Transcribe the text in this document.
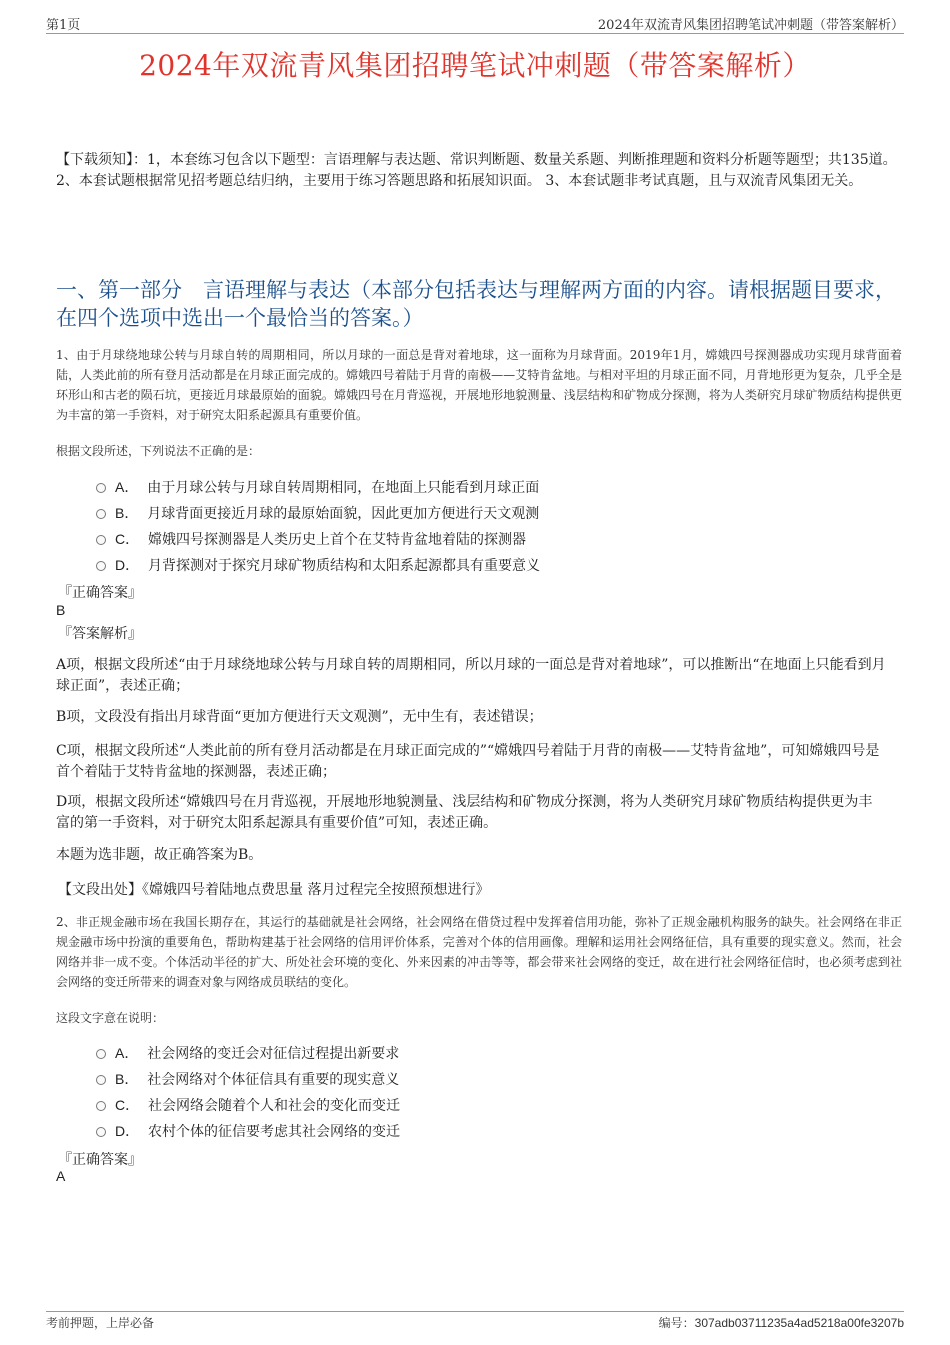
第1页	2024年双流青风集团招聘笔试冲刺题（带答案解析）
2024年双流青风集团招聘笔试冲刺题（带答案解析）
【下载须知】：1，本套练习包含以下题型：言语理解与表达题、常识判断题、数量关系题、判断推理题和资料分析题等题型；共135道。 2、本套试题根据常见招考题总结归纳，主要用于练习答题思路和拓展知识面。 3、本套试题非考试真题，且与双流青风集团无关。
一、第一部分　言语理解与表达（本部分包括表达与理解两方面的内容。请根据题目要求，在四个选项中选出一个最恰当的答案。）
1、由于月球绕地球公转与月球自转的周期相同，所以月球的一面总是背对着地球，这一面称为月球背面。2019年1月，嫦娥四号探测器成功实现月球背面着陆，人类此前的所有登月活动都是在月球正面完成的。嫦娥四号着陆于月背的南极——艾特肯盆地。与相对平坦的月球正面不同，月背地形更为复杂，几乎全是环形山和古老的陨石坑，更接近月球最原始的面貌。嫦娥四号在月背巡视，开展地形地貌测量、浅层结构和矿物成分探测，将为人类研究月球矿物质结构提供更为丰富的第一手资料，对于研究太阳系起源具有重要价值。
根据文段所述，下列说法不正确的是：
A． 由于月球公转与月球自转周期相同，在地面上只能看到月球正面
B． 月球背面更接近月球的最原始面貌，因此更加方便进行天文观测
C． 嫦娥四号探测器是人类历史上首个在艾特肯盆地着陆的探测器
D． 月背探测对于探究月球矿物质结构和太阳系起源都具有重要意义
『正确答案』
B
『答案解析』
A项，根据文段所述“由于月球绕地球公转与月球自转的周期相同，所以月球的一面总是背对着地球”，可以推断出“在地面上只能看到月球正面”，表述正确；
B项，文段没有指出月球背面“更加方便进行天文观测”，无中生有，表述错误；
C项，根据文段所述“人类此前的所有登月活动都是在月球正面完成的”“嫦娥四号着陆于月背的南极——艾特肯盆地”，可知嫦娥四号是首个着陆于艾特肯盆地的探测器，表述正确；
D项，根据文段所述“嫦娥四号在月背巡视，开展地形地貌测量、浅层结构和矿物成分探测，将为人类研究月球矿物质结构提供更为丰富的第一手资料，对于研究太阳系起源具有重要价值”可知，表述正确。
本题为选非题，故正确答案为B。
【文段出处】《嫦娥四号着陆地点费思量 落月过程完全按照预想进行》
2、非正规金融市场在我国长期存在，其运行的基础就是社会网络，社会网络在借贷过程中发挥着信用功能，弥补了正规金融机构服务的缺失。社会网络在非正规金融市场中扮演的重要角色，帮助构建基于社会网络的信用评价体系，完善对个体的信用画像。理解和运用社会网络征信，具有重要的现实意义。然而，社会网络并非一成不变。个体活动半径的扩大、所处社会环境的变化、外来因素的冲击等等，都会带来社会网络的变迁，故在进行社会网络征信时，也必须考虑到社会网络的变迁所带来的调查对象与网络成员联结的变化。
这段文字意在说明：
A． 社会网络的变迁会对征信过程提出新要求
B． 社会网络对个体征信具有重要的现实意义
C． 社会网络会随着个人和社会的变化而变迁
D． 农村个体的征信要考虑其社会网络的变迁
『正确答案』
A
考前押题，上岸必备	编号：307adb03711235a4ad5218a00fe3207b
